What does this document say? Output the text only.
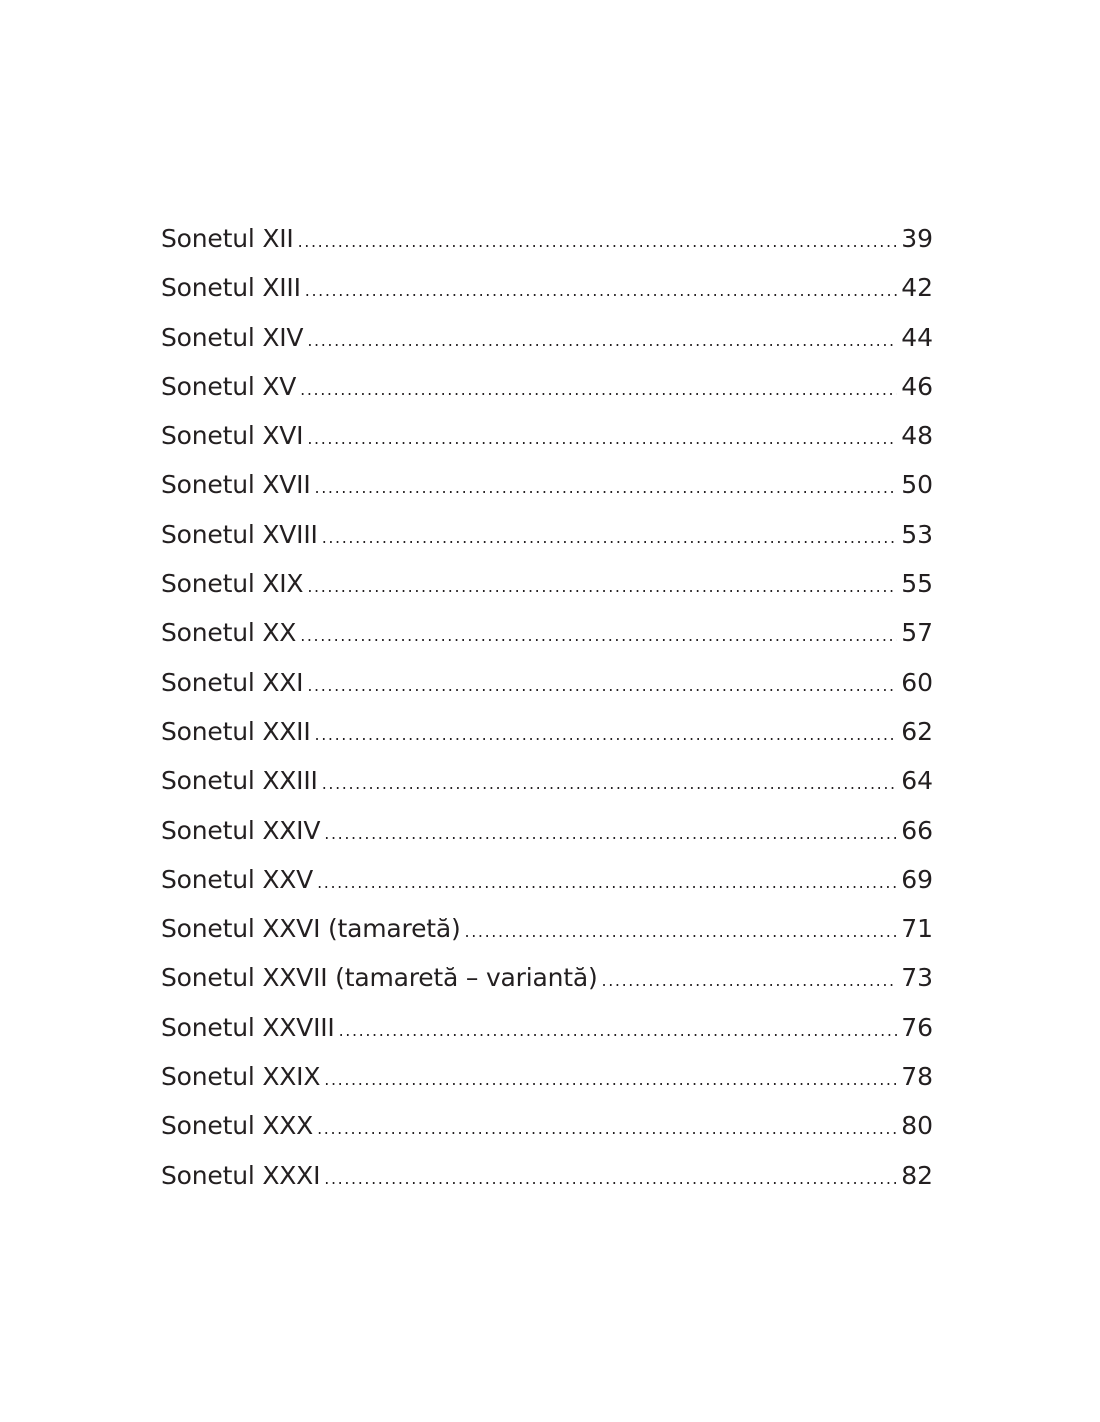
Sonetul XII .....	39
Sonetul XIII .....	42
Sonetul XIV .....	44
Sonetul XV .....	46
Sonetul XVI .....	48
Sonetul XVII .....	50
Sonetul XVIII .....	53
Sonetul XIX .....	55
Sonetul XX .....	57
Sonetul XXI .....	60
Sonetul XXII .....	62
Sonetul XXIII .....	64
Sonetul XXIV .....	66
Sonetul XXV .....	69
Sonetul XXVI (tamaretă) .....	71
Sonetul XXVII (tamaretă – variantă) .....	73
Sonetul XXVIII .....	76
Sonetul XXIX .....	78
Sonetul XXX .....	80
Sonetul XXXI .....	82
